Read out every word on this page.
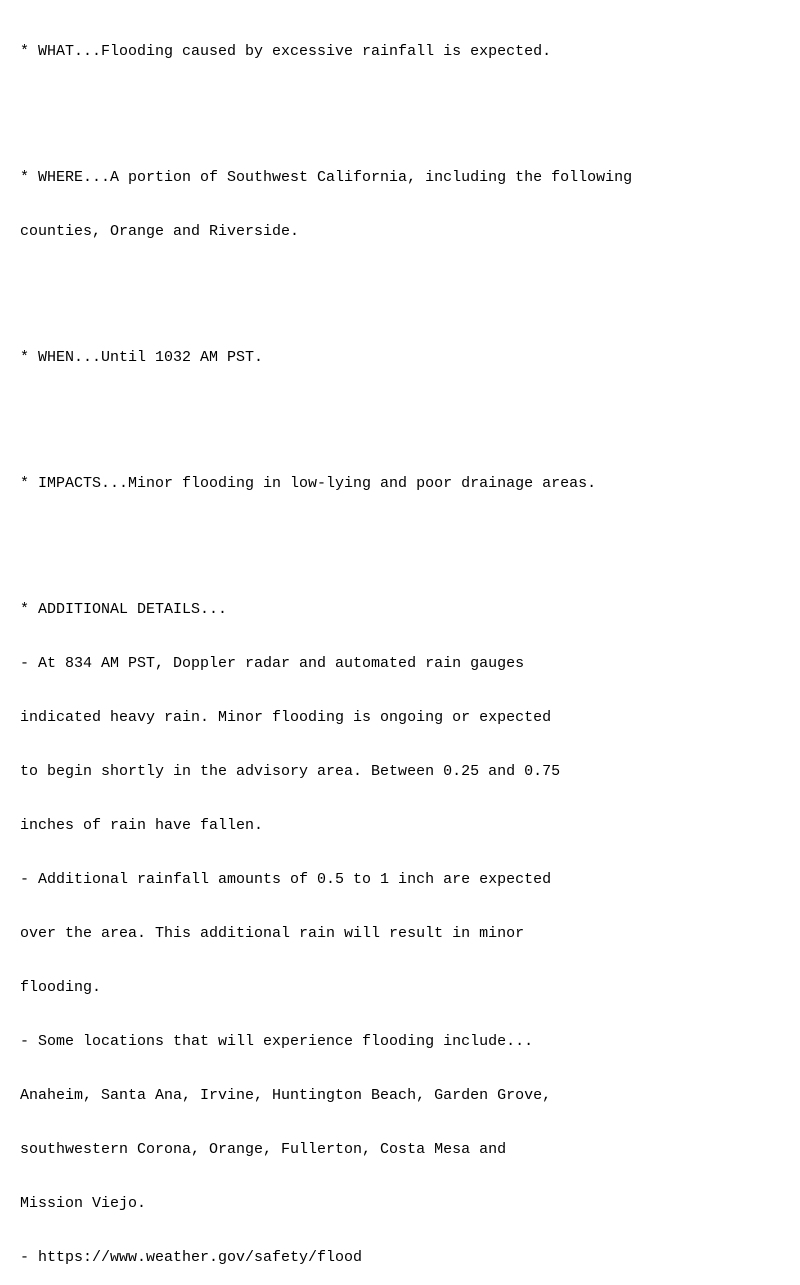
* WHAT...Flooding caused by excessive rainfall is expected.

* WHERE...A portion of Southwest California, including the following

counties, Orange and Riverside.

* WHEN...Until 1032 AM PST.

* IMPACTS...Minor flooding in low-lying and poor drainage areas.

* ADDITIONAL DETAILS...

- At 834 AM PST, Doppler radar and automated rain gauges

indicated heavy rain. Minor flooding is ongoing or expected

to begin shortly in the advisory area. Between 0.25 and 0.75

inches of rain have fallen.

- Additional rainfall amounts of 0.5 to 1 inch are expected

over the area. This additional rain will result in minor

flooding.

- Some locations that will experience flooding include...

Anaheim, Santa Ana, Irvine, Huntington Beach, Garden Grove,

southwestern Corona, Orange, Fullerton, Costa Mesa and

Mission Viejo.

- https://www.weather.gov/safety/flood
